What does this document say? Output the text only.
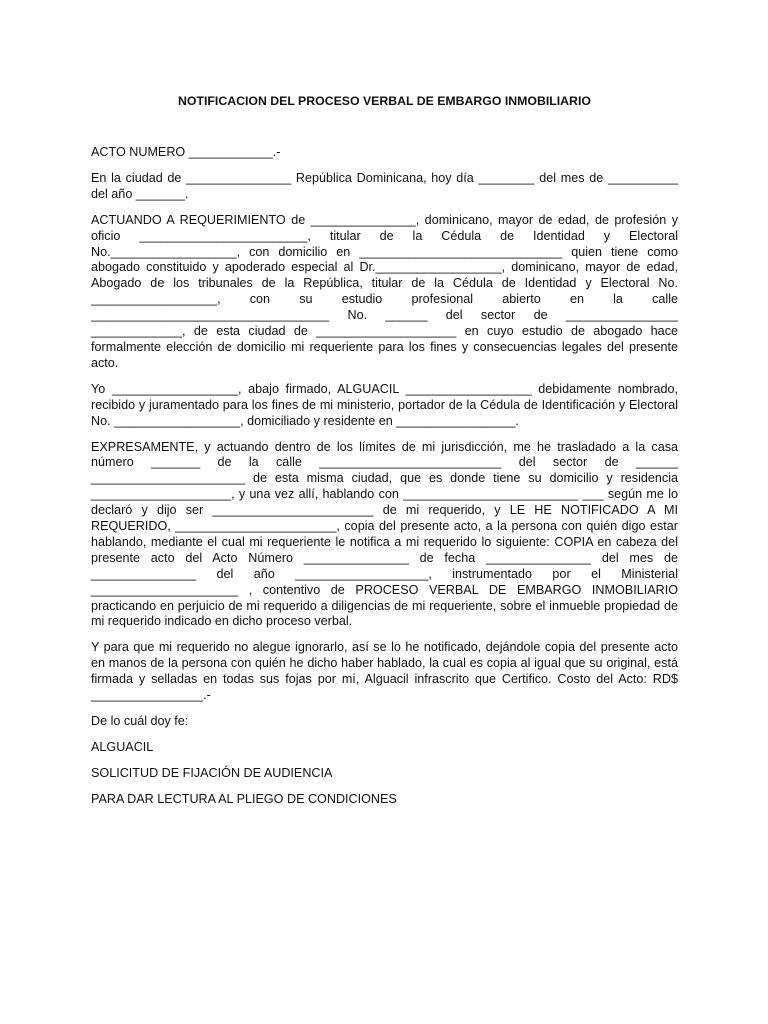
NOTIFICACION DEL PROCESO VERBAL DE EMBARGO INMOBILIARIO

ACTO NUMERO ____________.-

En la ciudad de _______________ República Dominicana, hoy día ________ del mes de __________ del año _______.

ACTUANDO A REQUERIMIENTO de _______________, dominicano, mayor de edad, de profesión y oficio ________________________, titular de la Cédula de Identidad y Electoral No.__________________, con domicilio en _____________________________ quien tiene como abogado constituido y apoderado especial al Dr.__________________, dominicano, mayor de edad, Abogado de los tribunales de la República, titular de la Cédula de Identidad y Electoral No. __________________, con su estudio profesional abierto en la calle __________________________________ No. ______ del sector de ________________ _____________, de esta ciudad de ____________________ en cuyo estudio de abogado hace formalmente elección de domicilio mi requeriente para los fines y consecuencias legales del presente acto.

Yo __________________, abajo firmado, ALGUACIL __________________ debidamente nombrado, recibido y juramentado para los fines de mi ministerio, portador de la Cédula de Identificación y Electoral No. __________________, domiciliado y residente en _________________.

EXPRESAMENTE, y actuando dentro de los límites de mi jurisdicción, me he trasladado a la casa número _______ de la calle __________________________ del sector de ______ ______________________ de esta misma ciudad, que es donde tiene su domicilio y residencia ____________________, y una vez allí, hablando con _________________________ ___ según me lo declaró y dijo ser _______________________ de mi requerido, y LE HE NOTIFICADO A MI REQUERIDO, _______________________, copia del presente acto, a la persona con quién digo estar hablando, mediante el cual mi requeriente le notifica a mi requerido lo siguiente: COPIA en cabeza del presente acto del Acto Número _______________ de fecha _______________ del mes de _______________ del año ___________________, instrumentado por el Ministerial _____________________ , contentivo de PROCESO VERBAL DE EMBARGO INMOBILIARIO practicando en perjuicio de mi requerido a diligencias de mi requeriente, sobre el inmueble propiedad de mi requerido indicado en dicho proceso verbal.

Y para que mi requerido no alegue ignorarlo, así se lo he notificado, dejándole copia del presente acto en manos de la persona con quién he dicho haber hablado, la cual es copia al igual que su original, está firmada y selladas en todas sus fojas por mí, Alguacil infrascrito que Certifico. Costo del Acto: RD$ ________________.-

De lo cuál doy fe:

ALGUACIL

SOLICITUD DE FIJACIÓN DE AUDIENCIA

PARA DAR LECTURA AL PLIEGO DE CONDICIONES
